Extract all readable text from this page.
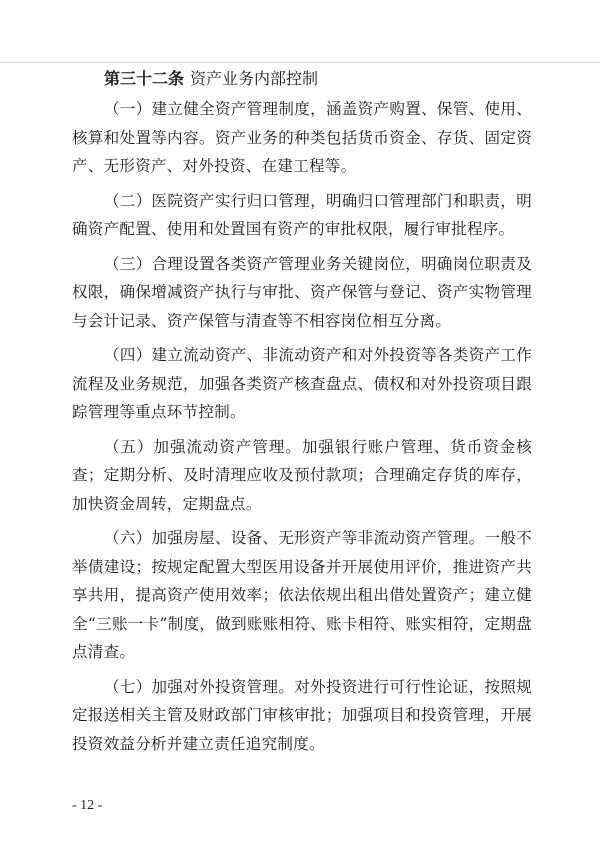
第三十二条 资产业务内部控制

（一）建立健全资产管理制度，涵盖资产购置、保管、使用、核算和处置等内容。资产业务的种类包括货币资金、存货、固定资产、无形资产、对外投资、在建工程等。

（二）医院资产实行归口管理，明确归口管理部门和职责，明确资产配置、使用和处置国有资产的审批权限，履行审批程序。

（三）合理设置各类资产管理业务关键岗位，明确岗位职责及权限，确保增减资产执行与审批、资产保管与登记、资产实物管理与会计记录、资产保管与清查等不相容岗位相互分离。

（四）建立流动资产、非流动资产和对外投资等各类资产工作流程及业务规范，加强各类资产核查盘点、债权和对外投资项目跟踪管理等重点环节控制。

（五）加强流动资产管理。加强银行账户管理、货币资金核查；定期分析、及时清理应收及预付款项；合理确定存货的库存，加快资金周转，定期盘点。

（六）加强房屋、设备、无形资产等非流动资产管理。一般不举债建设；按规定配置大型医用设备并开展使用评价，推进资产共享共用，提高资产使用效率；依法依规出租出借处置资产；建立健全“三账一卡”制度，做到账账相符、账卡相符、账实相符，定期盘点清查。

（七）加强对外投资管理。对外投资进行可行性论证，按照规定报送相关主管及财政部门审核审批；加强项目和投资管理，开展投资效益分析并建立责任追究制度。

- 12 -
